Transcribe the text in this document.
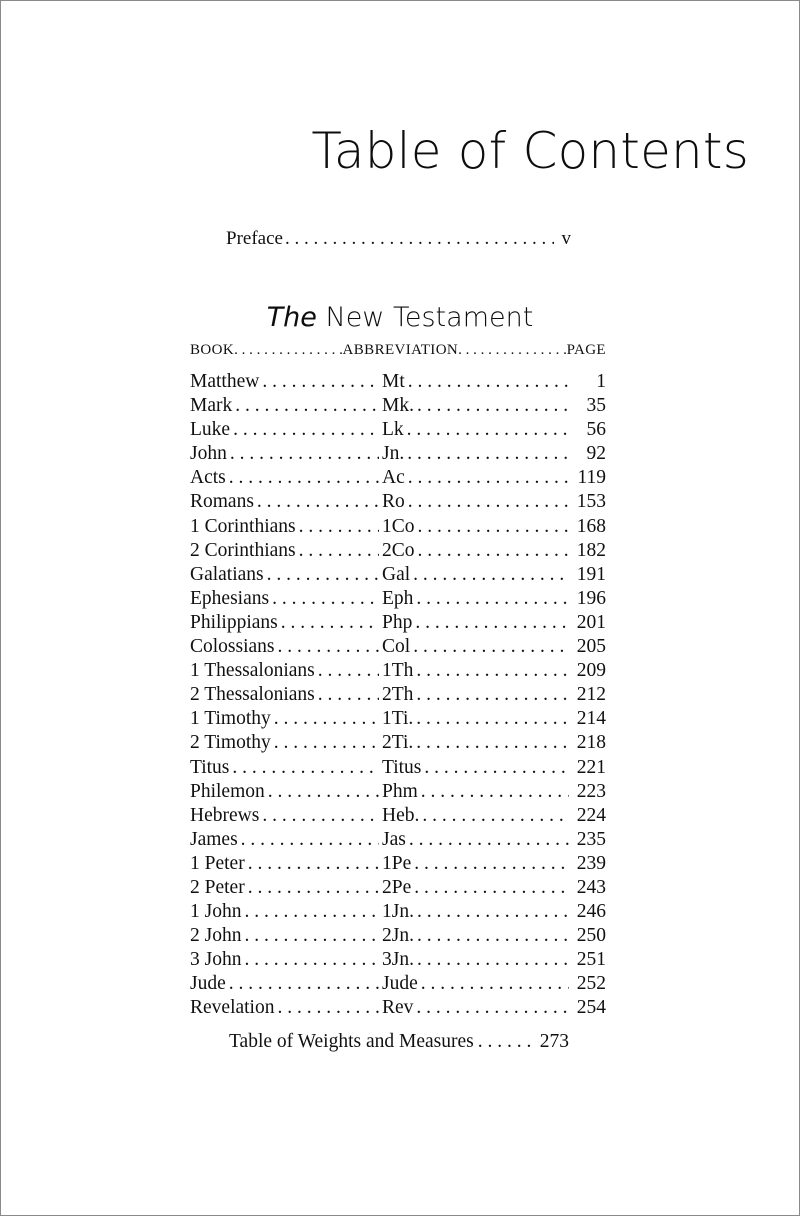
Table of Contents
Preface . . .	v
The New Testament
BOOK . . .	ABBREVIATION . . .	PAGE
Matthew . . .	Mt . . .	1
Mark . . .	Mk. . . .	35
Luke . . .	Lk . . .	56
John . . .	Jn. . . .	92
Acts . . .	Ac . . .	119
Romans . . .	Ro . . .	153
1 Corinthians . . .	1Co . . .	168
2 Corinthians . . .	2Co . . .	182
Galatians . . .	Gal . . .	191
Ephesians . . .	Eph . . .	196
Philippians . . .	Php . . .	201
Colossians . . .	Col . . .	205
1 Thessalonians . . .	1Th . . .	209
2 Thessalonians . . .	2Th . . .	212
1 Timothy . . .	1Ti. . . .	214
2 Timothy . . .	2Ti. . . .	218
Titus . . .	Titus . . .	221
Philemon . . .	Phm . . .	223
Hebrews . . .	Heb. . . .	224
James . . .	Jas . . .	235
1 Peter . . .	1Pe . . .	239
2 Peter . . .	2Pe . . .	243
1 John . . .	1Jn. . . .	246
2 John . . .	2Jn. . . .	250
3 John . . .	3Jn. . . .	251
Jude . . .	Jude . . .	252
Revelation . . .	Rev . . .	254
Table of Weights and Measures . . .	273
